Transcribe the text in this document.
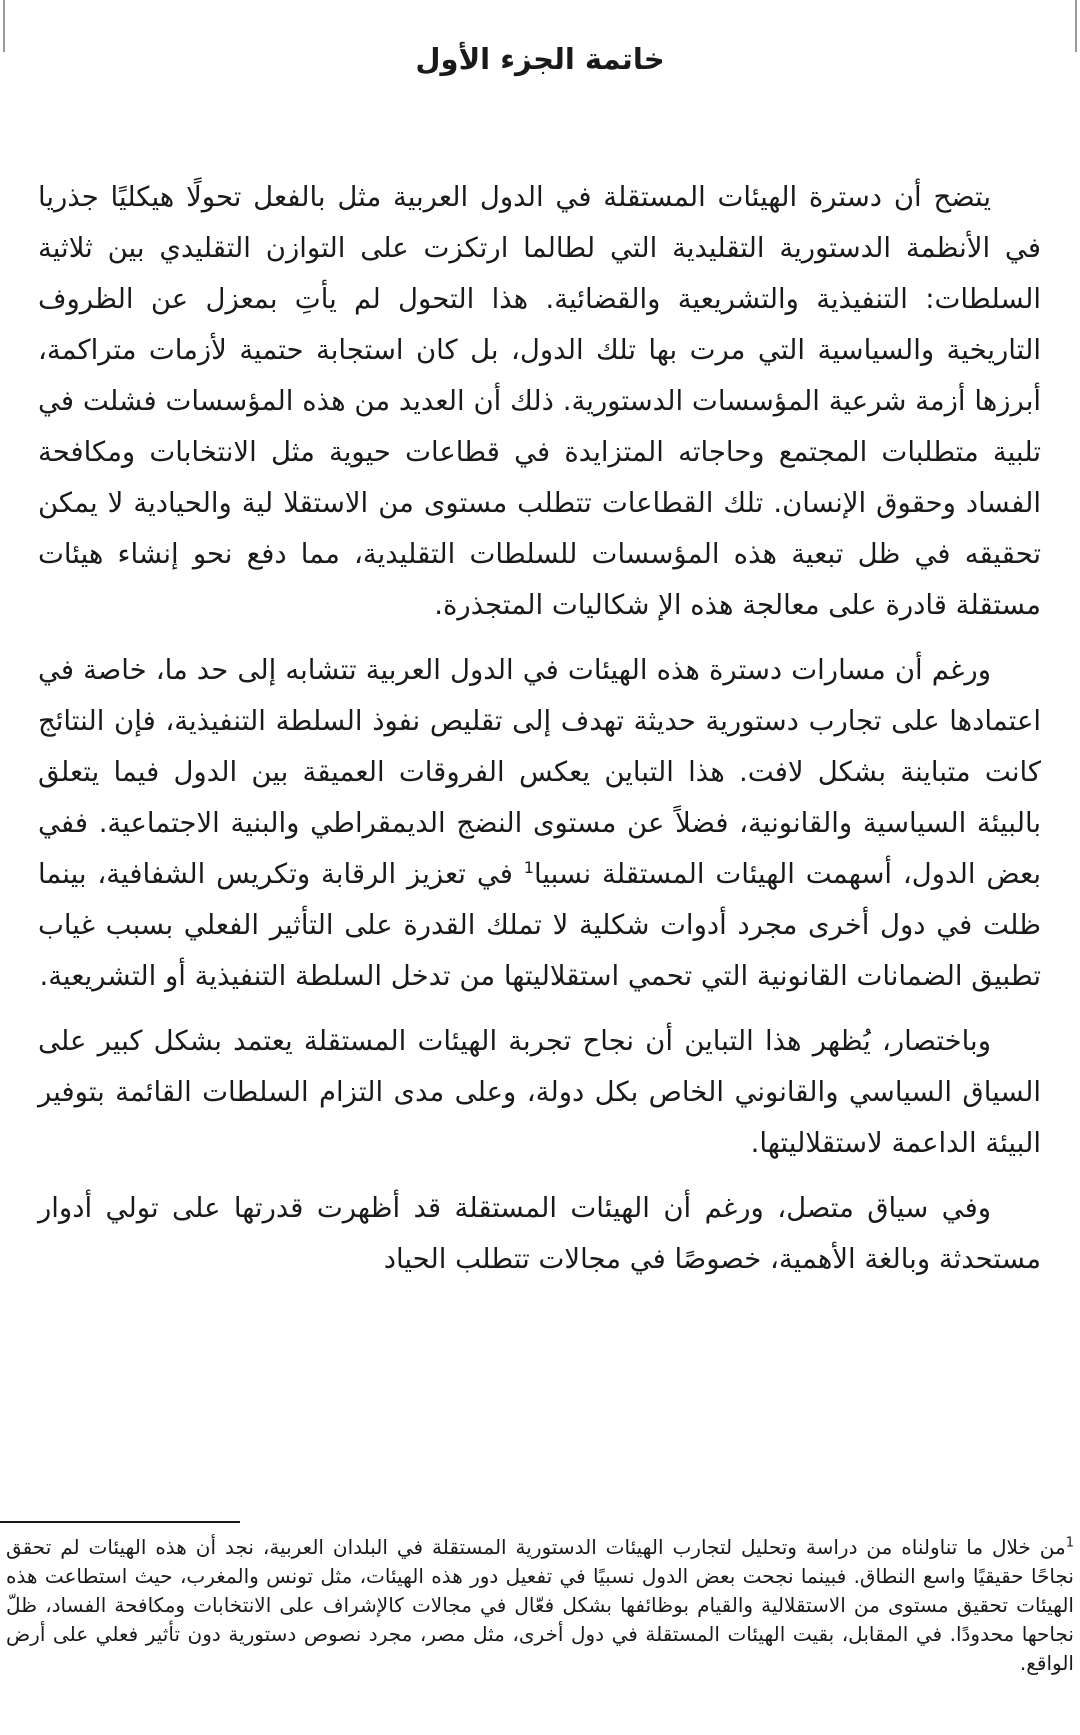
خاتمة الجزء الأول

يتضح أن دسترة الهيئات المستقلة في الدول العربية مثل بالفعل تحولًا هيكليًا جذريا في الأنظمة الدستورية التقليدية التي لطالما ارتكزت على التوازن التقليدي بين ثلاثية السلطات: التنفيذية والتشريعية والقضائية. هذا التحول لم يأتِ بمعزل عن الظروف التاريخية والسياسية التي مرت بها تلك الدول، بل كان استجابة حتمية لأزمات متراكمة، أبرزها أزمة شرعية المؤسسات الدستورية. ذلك أن العديد من هذه المؤسسات فشلت في تلبية متطلبات المجتمع وحاجاته المتزايدة في قطاعات حيوية مثل الانتخابات ومكافحة الفساد وحقوق الإنسان. تلك القطاعات تتطلب مستوى من الاستقلا لية والحيادية لا يمكن تحقيقه في ظل تبعية هذه المؤسسات للسلطات التقليدية، مما دفع نحو إنشاء هيئات مستقلة قادرة على معالجة هذه الإ شكاليات المتجذرة.

ورغم أن مسارات دسترة هذه الهيئات في الدول العربية تتشابه إلى حد ما، خاصة في اعتمادها على تجارب دستورية حديثة تهدف إلى تقليص نفوذ السلطة التنفيذية، فإن النتائج كانت متباينة بشكل لافت. هذا التباين يعكس الفروقات العميقة بين الدول فيما يتعلق بالبيئة السياسية والقانونية، فضلاً عن مستوى النضج الديمقراطي والبنية الاجتماعية. ففي بعض الدول، أسهمت الهيئات المستقلة نسبيا$^1$ في تعزيز الرقابة وتكريس الشفافية، بينما ظلت في دول أخرى مجرد أدوات شكلية لا تملك القدرة على التأثير الفعلي بسبب غياب تطبيق الضمانات القانونية التي تحمي استقلاليتها من تدخل السلطة التنفيذية أو التشريعية.

وباختصار، يُظهر هذا التباين أن نجاح تجربة الهيئات المستقلة يعتمد بشكل كبير على السياق السياسي والقانوني الخاص بكل دولة، وعلى مدى التزام السلطات القائمة بتوفير البيئة الداعمة لاستقلاليتها.

وفي سياق متصل، ورغم أن الهيئات المستقلة قد أظهرت قدرتها على تولي أدوار مستحدثة وبالغة الأهمية، خصوصًا في مجالات تتطلب الحياد

$^1$من خلال ما تناولناه من دراسة وتحليل لتجارب الهيئات الدستورية المستقلة في البلدان العربية، نجد أن هذه الهيئات لم تحقق نجاحًا حقيقيًا واسع النطاق. فبينما نجحت بعض الدول نسبيًا في تفعيل دور هذه الهيئات، مثل تونس والمغرب، حيث استطاعت هذه الهيئات تحقيق مستوى من الاستقلالية والقيام بوظائفها بشكل فعّال في مجالات كالإشراف على الانتخابات ومكافحة الفساد، ظلّ نجاحها محدودًا. في المقابل، بقيت الهيئات المستقلة في دول أخرى، مثل مصر، مجرد نصوص دستورية دون تأثير فعلي على أرض الواقع.
